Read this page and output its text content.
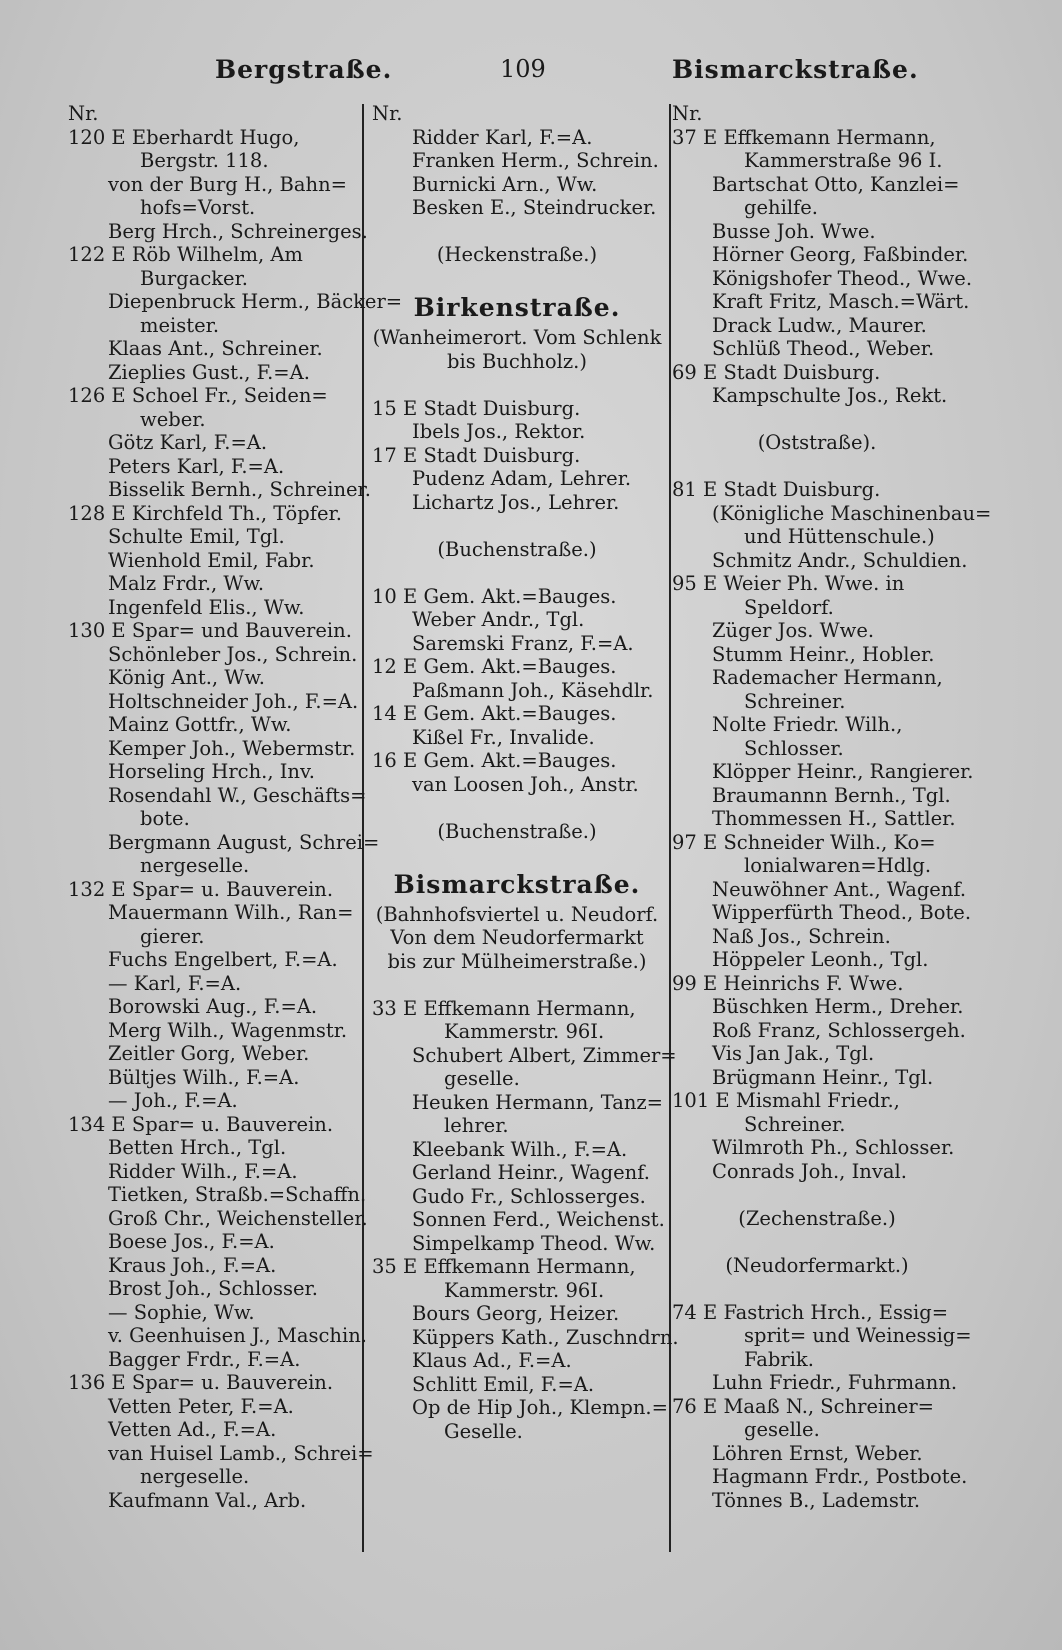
Bergstraße.	109	Bismarckstraße.
Nr.
120 E Eberhardt Hugo,
Bergstr. 118.
von der Burg H., Bahn=
hofs=Vorst.
Berg Hrch., Schreinerges.
122 E Röb Wilhelm, Am
Burgacker.
Diepenbruck Herm., Bäcker=
meister.
Klaas Ant., Schreiner.
Zieplies Gust., F.=A.
126 E Schoel Fr., Seiden=
weber.
Götz Karl, F.=A.
Peters Karl, F.=A.
Bisselik Bernh., Schreiner.
128 E Kirchfeld Th., Töpfer.
Schulte Emil, Tgl.
Wienhold Emil, Fabr.
Malz Frdr., Ww.
Ingenfeld Elis., Ww.
130 E Spar= und Bauverein.
Schönleber Jos., Schrein.
König Ant., Ww.
Holtschneider Joh., F.=A.
Mainz Gottfr., Ww.
Kemper Joh., Webermstr.
Horseling Hrch., Inv.
Rosendahl W., Geschäfts=
bote.
Bergmann August, Schrei=
nergeselle.
132 E Spar= u. Bauverein.
Mauermann Wilh., Ran=
gierer.
Fuchs Engelbert, F.=A.
— Karl, F.=A.
Borowski Aug., F.=A.
Merg Wilh., Wagenmstr.
Zeitler Gorg, Weber.
Bültjes Wilh., F.=A.
— Joh., F.=A.
134 E Spar= u. Bauverein.
Betten Hrch., Tgl.
Ridder Wilh., F.=A.
Tietken, Straßb.=Schaffn.
Groß Chr., Weichensteller.
Boese Jos., F.=A.
Kraus Joh., F.=A.
Brost Joh., Schlosser.
— Sophie, Ww.
v. Geenhuisen J., Maschin.
Bagger Frdr., F.=A.
136 E Spar= u. Bauverein.
Vetten Peter, F.=A.
Vetten Ad., F.=A.
van Huisel Lamb., Schrei=
nergeselle.
Kaufmann Val., Arb.
Nr.
Ridder Karl, F.=A.
Franken Herm., Schrein.
Burnicki Arn., Ww.
Besken E., Steindrucker.
(Heckenstraße.)
Birkenstraße.
(Wanheimerort. Vom Schlenk
bis Buchholz.)
15 E Stadt Duisburg.
Ibels Jos., Rektor.
17 E Stadt Duisburg.
Pudenz Adam, Lehrer.
Lichartz Jos., Lehrer.
(Buchenstraße.)
10 E Gem. Akt.=Bauges.
Weber Andr., Tgl.
Saremski Franz, F.=A.
12 E Gem. Akt.=Bauges.
Paßmann Joh., Käsehdlr.
14 E Gem. Akt.=Bauges.
Kißel Fr., Invalide.
16 E Gem. Akt.=Bauges.
van Loosen Joh., Anstr.
(Buchenstraße.)
Bismarckstraße.
(Bahnhofsviertel u. Neudorf.
Von dem Neudorfermarkt
bis zur Mülheimerstraße.)
33 E Effkemann Hermann,
Kammerstr. 96I.
Schubert Albert, Zimmer=
geselle.
Heuken Hermann, Tanz=
lehrer.
Kleebank Wilh., F.=A.
Gerland Heinr., Wagenf.
Gudo Fr., Schlosserges.
Sonnen Ferd., Weichenst.
Simpelkamp Theod. Ww.
35 E Effkemann Hermann,
Kammerstr. 96I.
Bours Georg, Heizer.
Küppers Kath., Zuschndrn.
Klaus Ad., F.=A.
Schlitt Emil, F.=A.
Op de Hip Joh., Klempn.=
Geselle.
Nr.
37 E Effkemann Hermann,
Kammerstraße 96 I.
Bartschat Otto, Kanzlei=
gehilfe.
Busse Joh. Wwe.
Hörner Georg, Faßbinder.
Königshofer Theod., Wwe.
Kraft Fritz, Masch.=Wärt.
Drack Ludw., Maurer.
Schlüß Theod., Weber.
69 E Stadt Duisburg.
Kampschulte Jos., Rekt.
(Oststraße).
81 E Stadt Duisburg.
(Königliche Maschinenbau=
und Hüttenschule.)
Schmitz Andr., Schuldien.
95 E Weier Ph. Wwe. in
Speldorf.
Züger Jos. Wwe.
Stumm Heinr., Hobler.
Rademacher Hermann,
Schreiner.
Nolte Friedr. Wilh.,
Schlosser.
Klöpper Heinr., Rangierer.
Braumannn Bernh., Tgl.
Thommessen H., Sattler.
97 E Schneider Wilh., Ko=
lonialwaren=Hdlg.
Neuwöhner Ant., Wagenf.
Wipperfürth Theod., Bote.
Naß Jos., Schrein.
Höppeler Leonh., Tgl.
99 E Heinrichs F. Wwe.
Büschken Herm., Dreher.
Roß Franz, Schlossergeh.
Vis Jan Jak., Tgl.
Brügmann Heinr., Tgl.
101 E Mismahl Friedr.,
Schreiner.
Wilmroth Ph., Schlosser.
Conrads Joh., Inval.
(Zechenstraße.)
(Neudorfermarkt.)
74 E Fastrich Hrch., Essig=
sprit= und Weinessig=
Fabrik.
Luhn Friedr., Fuhrmann.
76 E Maaß N., Schreiner=
geselle.
Löhren Ernst, Weber.
Hagmann Frdr., Postbote.
Tönnes B., Lademstr.
